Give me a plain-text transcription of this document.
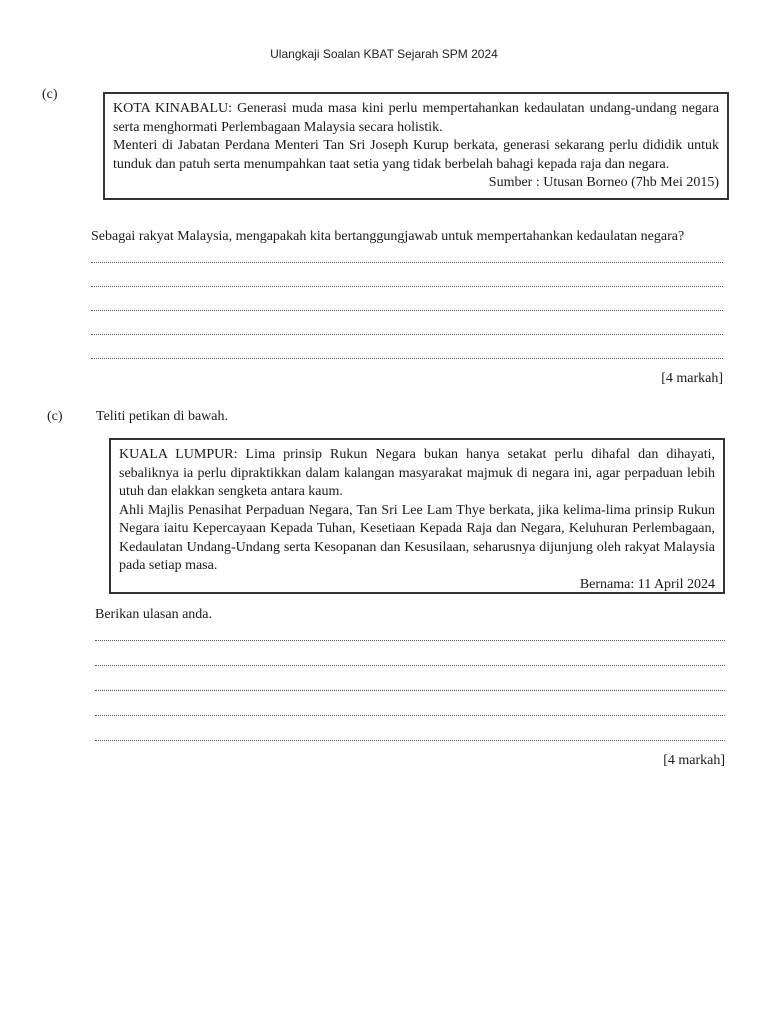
Ulangkaji Soalan KBAT Sejarah SPM 2024
(c)

KOTA KINABALU: Generasi muda masa kini perlu mempertahankan kedaulatan undang-undang negara serta menghormati Perlembagaan Malaysia secara holistik.

Menteri di Jabatan Perdana Menteri Tan Sri Joseph Kurup berkata, generasi sekarang perlu dididik untuk tunduk dan patuh serta menumpahkan taat setia yang tidak berbelah bahagi kepada raja dan negara.

Sumber : Utusan Borneo (7hb Mei 2015)

Sebagai rakyat Malaysia, mengapakah kita bertanggungjawab untuk mempertahankan kedaulatan negara?
[4 markah]
(c) Teliti petikan di bawah.

KUALA LUMPUR: Lima prinsip Rukun Negara bukan hanya setakat perlu dihafal dan dihayati, sebaliknya ia perlu dipraktikkan dalam kalangan masyarakat majmuk di negara ini, agar perpaduan lebih utuh dan elakkan sengketa antara kaum.

Ahli Majlis Penasihat Perpaduan Negara, Tan Sri Lee Lam Thye berkata, jika kelima-lima prinsip Rukun Negara iaitu Kepercayaan Kepada Tuhan, Kesetiaan Kepada Raja dan Negara, Keluhuran Perlembagaan, Kedaulatan Undang-Undang serta Kesopanan dan Kesusilaan, seharusnya dijunjung oleh rakyat Malaysia pada setiap masa.

Bernama: 11 April 2024

Berikan ulasan anda.
[4 markah]
